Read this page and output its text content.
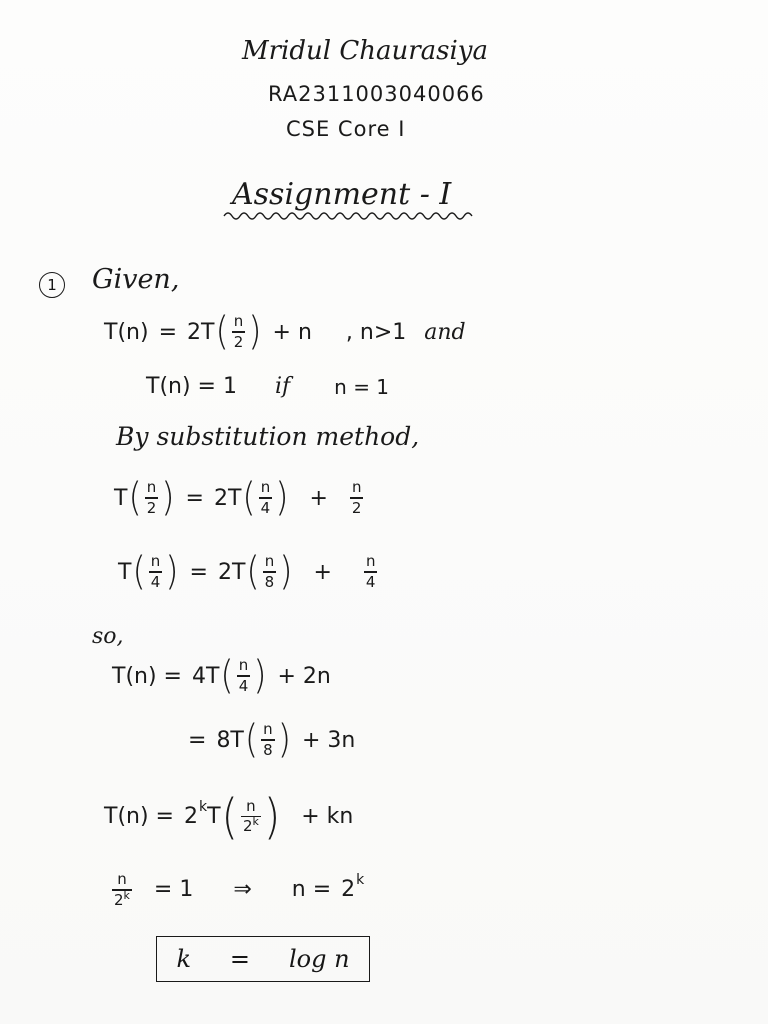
Mridul Chaurasiya
RA2311003040066
CSE Core I
Assignment - I
1 Given,
T(n) = 2T ( $\frac{n}{2}$ ) + n , n>1 and
T(n) = 1 if n = 1
By substitution method,
T ( $\frac{n}{2}$ ) = 2T ( $\frac{n}{4}$ ) + $\frac{n}{2}$
T ( $\frac{n}{4}$ ) = 2T ( $\frac{n}{8}$ ) + $\frac{n}{4}$
so,
T(n) = 4T ( $\frac{n}{4}$ ) + 2n
= 8T ( $\frac{n}{8}$ ) + 3n
T(n) = 2 k T ( $\frac{n}{2^k}$ ) + kn
$\frac{n}{2^k} = 1$ ⇒ n = 2 k
k = log n
